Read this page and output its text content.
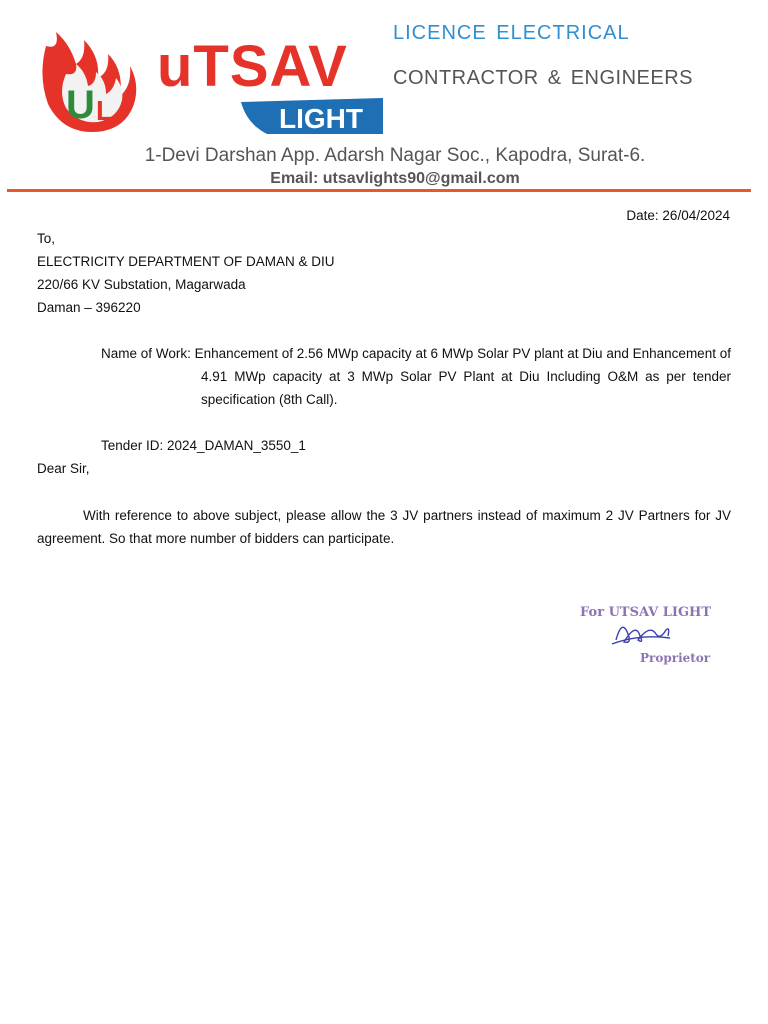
U L
uTSAV
LIGHT
LICENCE ELECTRICAL
CONTRACTOR & ENGINEERS
1-Devi Darshan App. Adarsh Nagar Soc., Kapodra, Surat-6.
Email: utsavlights90@gmail.com
Date: 26/04/2024
To,
ELECTRICITY DEPARTMENT OF DAMAN & DIU
220/66 KV Substation, Magarwada
Daman – 396220
Name of Work: Enhancement of 2.56 MWp capacity at 6 MWp Solar PV plant at Diu and Enhancement of 4.91 MWp capacity at 3 MWp Solar PV Plant at Diu Including O&M as per tender specification (8th Call).
Tender ID: 2024_DAMAN_3550_1
Dear Sir,
With reference to above subject, please allow the 3 JV partners instead of maximum 2 JV Partners for JV agreement. So that more number of bidders can participate.
For UTSAV LIGHT
Proprietor
